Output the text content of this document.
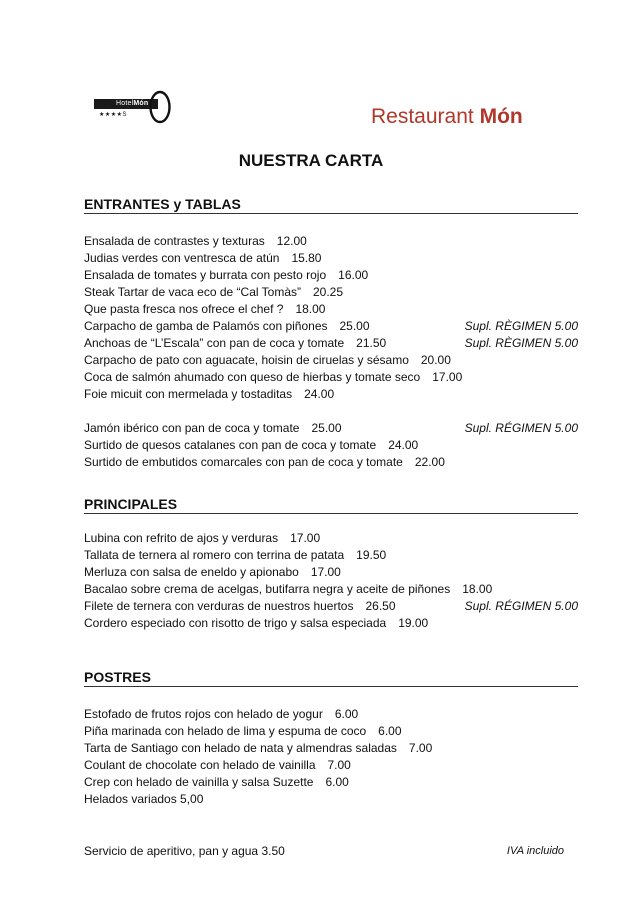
HotelMón
★★★★S	Restaurant Món
NUESTRA CARTA
ENTRANTES y TABLAS
Ensalada de contrastes y texturas 12.00
Judias verdes con ventresca de atún 15.80
Ensalada de tomates y burrata con pesto rojo 16.00
Steak Tartar de vaca eco de “Cal Tomàs” 20.25
Que pasta fresca nos ofrece el chef ? 18.00
Carpacho de gamba de Palamós con piñones 25.00	Supl. RÈGIMEN 5.00
Anchoas de “L’Escala” con pan de coca y tomate 21.50	Supl. RÈGIMEN 5.00
Carpacho de pato con aguacate, hoisin de ciruelas y sésamo 20.00
Coca de salmón ahumado con queso de hierbas y tomate seco 17.00
Foie micuit con mermelada y tostaditas 24.00
Jamón ibérico con pan de coca y tomate 25.00	Supl. RÉGIMEN 5.00
Surtido de quesos catalanes con pan de coca y tomate 24.00
Surtido de embutidos comarcales con pan de coca y tomate 22.00
PRINCIPALES
Lubina con refrito de ajos y verduras 17.00
Tallata de ternera al romero con terrina de patata 19.50
Merluza con salsa de eneldo y apionabo 17.00
Bacalao sobre crema de acelgas, butifarra negra y aceite de piñones 18.00
Filete de ternera con verduras de nuestros huertos 26.50	Supl. RÉGIMEN 5.00
Cordero especiado con risotto de trigo y salsa especiada 19.00
POSTRES
Estofado de frutos rojos con helado de yogur 6.00
Piña marinada con helado de lima y espuma de coco 6.00
Tarta de Santiago con helado de nata y almendras saladas 7.00
Coulant de chocolate con helado de vainilla 7.00
Crep con helado de vainilla y salsa Suzette 6.00
Helados variados 5,00
Servicio de aperitivo, pan y agua 3.50	IVA incluido
